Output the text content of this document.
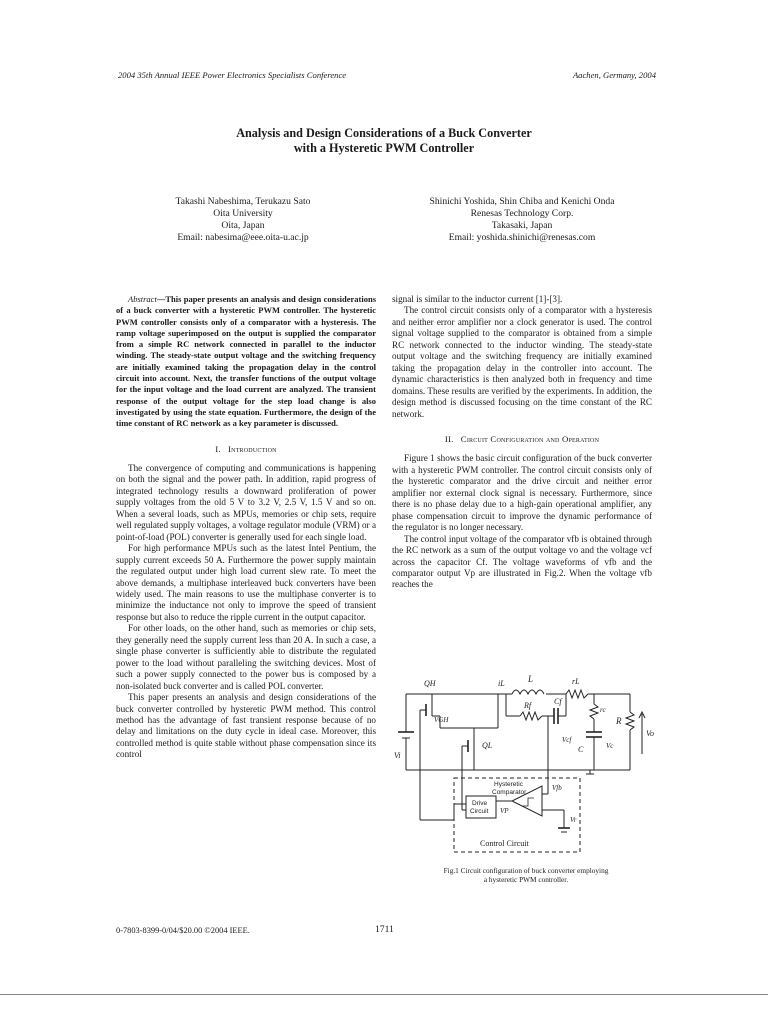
2004 35th Annual IEEE Power Electronics Specialists Conference	Aachen, Germany, 2004
Analysis and Design Considerations of a Buck Converter
with a Hysteretic PWM Controller
Takashi Nabeshima, Terukazu Sato
Oita University
Oita, Japan
Email: nabesima@eee.oita-u.ac.jp
Shinichi Yoshida, Shin Chiba and Kenichi Onda
Renesas Technology Corp.
Takasaki, Japan
Email: yoshida.shinichi@renesas.com

Abstract—This paper presents an analysis and design considerations of a buck converter with a hysteretic PWM controller. The hysteretic PWM controller consists only of a comparator with a hysteresis. The ramp voltage superimposed on the output is supplied the comparator from a simple RC network connected in parallel to the inductor winding. The steady-state output voltage and the switching frequency are initially examined taking the propagation delay in the control circuit into account. Next, the transfer functions of the output voltage for the input voltage and the load current are analyzed. The transient response of the output voltage for the step load change is also investigated by using the state equation. Furthermore, the design of the time constant of RC network as a key parameter is discussed.

I. Introduction

The convergence of computing and communications is happening on both the signal and the power path. In addition, rapid progress of integrated technology results a downward proliferation of power supply voltages from the old 5 V to 3.2 V, 2.5 V, 1.5 V and so on. When a several loads, such as MPUs, memories or chip sets, require well regulated supply voltages, a voltage regulator module (VRM) or a point-of-load (POL) converter is generally used for each single load.

For high performance MPUs such as the latest Intel Pentium, the supply current exceeds 50 A. Furthermore the power supply maintain the regulated output under high load current slew rate. To meet the above demands, a multiphase interleaved buck converters have been widely used. The main reasons to use the multiphase converter is to minimize the inductance not only to improve the speed of transient response but also to reduce the ripple current in the output capacitor.

For other loads, on the other hand, such as memories or chip sets, they generally need the supply current less than 20 A. In such a case, a single phase converter is sufficiently able to distribute the regulated power to the load without paralleling the switching devices. Most of such a power supply connected to the power bus is composed by a non-isolated buck converter and is called POL converter.

This paper presents an analysis and design considerations of the buck converter controlled by hysteretic PWM method. This control method has the advantage of fast transient response because of no delay and limitations on the duty cycle in ideal case. Moreover, this controlled method is quite stable without phase compensation since its control

signal is similar to the inductor current [1]-[3].

The control circuit consists only of a comparator with a hysteresis and neither error amplifier nor a clock generator is used. The control signal voltage supplied to the comparator is obtained from a simple RC network connected to the inductor winding. The steady-state output voltage and the switching frequency are initially examined taking the propagation delay in the controller into account. The dynamic characteristics is then analyzed both in frequency and time domains. These results are verified by the experiments. In addition, the design method is discussed focusing on the time constant of the RC network.

II. Circuit Configuration and Operation

Figure 1 shows the basic circuit configuration of the buck converter with a hysteretic PWM controller. The control circuit consists only of the hysteretic comparator and the drive circuit and neither error amplifier nor external clock signal is necessary. Furthermore, since there is no phase delay due to a high-gain operational amplifier, any phase compensation circuit to improve the dynamic performance of the regulator is no longer necessary.

The control input voltage of the comparator vfb is obtained through the RC network as a sum of the output voltage vo and the voltage vcf across the capacitor Cf. The voltage waveforms of vfb and the comparator output Vp are illustrated in Fig.2. When the voltage vfb reaches the

QH	iL	L	rL
Rf	Cf
rc
R
Vo
VGH
QL
Vi
Vcf
C	Vc
Hysteretic
Comparator
Vfb
Drive
Circuit VP
Vr
Control Circuit
Fig.1 Circuit configuration of buck converter employing
a hysteretic PWM controller.
0-7803-8399-0/04/$20.00 ©2004 IEEE.	1711
